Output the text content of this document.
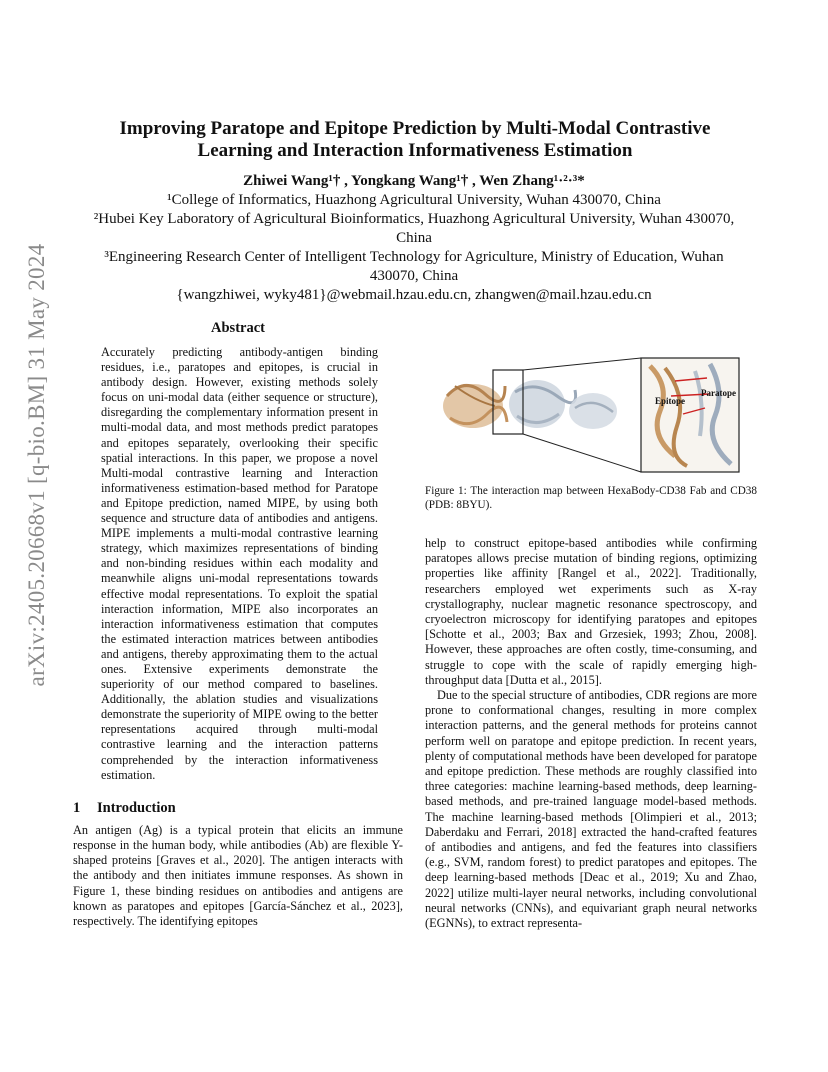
arXiv:2405.20668v1 [q-bio.BM] 31 May 2024
Improving Paratope and Epitope Prediction by Multi-Modal Contrastive Learning and Interaction Informativeness Estimation
Zhiwei Wang¹† , Yongkang Wang¹† , Wen Zhang¹·²·³*
¹College of Informatics, Huazhong Agricultural University, Wuhan 430070, China
²Hubei Key Laboratory of Agricultural Bioinformatics, Huazhong Agricultural University, Wuhan 430070, China
³Engineering Research Center of Intelligent Technology for Agriculture, Ministry of Education, Wuhan 430070, China
{wangzhiwei, wyky481}@webmail.hzau.edu.cn, zhangwen@mail.hzau.edu.cn
Abstract

Accurately predicting antibody-antigen binding residues, i.e., paratopes and epitopes, is crucial in antibody design. However, existing methods solely focus on uni-modal data (either sequence or structure), disregarding the complementary information present in multi-modal data, and most methods predict paratopes and epitopes separately, overlooking their specific spatial interactions. In this paper, we propose a novel Multi-modal contrastive learning and Interaction informativeness estimation-based method for Paratope and Epitope prediction, named MIPE, by using both sequence and structure data of antibodies and antigens. MIPE implements a multi-modal contrastive learning strategy, which maximizes representations of binding and non-binding residues within each modality and meanwhile aligns uni-modal representations towards effective modal representations. To exploit the spatial interaction information, MIPE also incorporates an interaction informativeness estimation that computes the estimated interaction matrices between antibodies and antigens, thereby approximating them to the actual ones. Extensive experiments demonstrate the superiority of our method compared to baselines. Additionally, the ablation studies and visualizations demonstrate the superiority of MIPE owing to the better representations acquired through multi-modal contrastive learning and the interaction patterns comprehended by the interaction informativeness estimation.

1 Introduction

An antigen (Ag) is a typical protein that elicits an immune response in the human body, while antibodies (Ab) are flexible Y-shaped proteins [Graves et al., 2020]. The antigen interacts with the antibody and then initiates immune responses. As shown in Figure 1, these binding residues on antibodies and antigens are known as paratopes and epitopes [García-Sánchez et al., 2023], respectively. The identifying epitopes

Epitope
Paratope

Figure 1: The interaction map between HexaBody-CD38 Fab and CD38 (PDB: 8BYU).

help to construct epitope-based antibodies while confirming paratopes allows precise mutation of binding regions, optimizing properties like affinity [Rangel et al., 2022]. Traditionally, researchers employed wet experiments such as X-ray crystallography, nuclear magnetic resonance spectroscopy, and cryoelectron microscopy for identifying paratopes and epitopes [Schotte et al., 2003; Bax and Grzesiek, 1993; Zhou, 2008]. However, these approaches are often costly, time-consuming, and struggle to cope with the scale of rapidly emerging high-throughput data [Dutta et al., 2015].

Due to the special structure of antibodies, CDR regions are more prone to conformational changes, resulting in more complex interaction patterns, and the general methods for proteins cannot perform well on paratope and epitope prediction. In recent years, plenty of computational methods have been developed for paratope and epitope prediction. These methods are roughly classified into three categories: machine learning-based methods, deep learning-based methods, and pre-trained language model-based methods. The machine learning-based methods [Olimpieri et al., 2013; Daberdaku and Ferrari, 2018] extracted the hand-crafted features of antibodies and antigens, and fed the features into classifiers (e.g., SVM, random forest) to predict paratopes and epitopes. The deep learning-based methods [Deac et al., 2019; Xu and Zhao, 2022] utilize multi-layer neural networks, including convolutional neural networks (CNNs), and equivariant graph neural networks (EGNNs), to extract representa-
